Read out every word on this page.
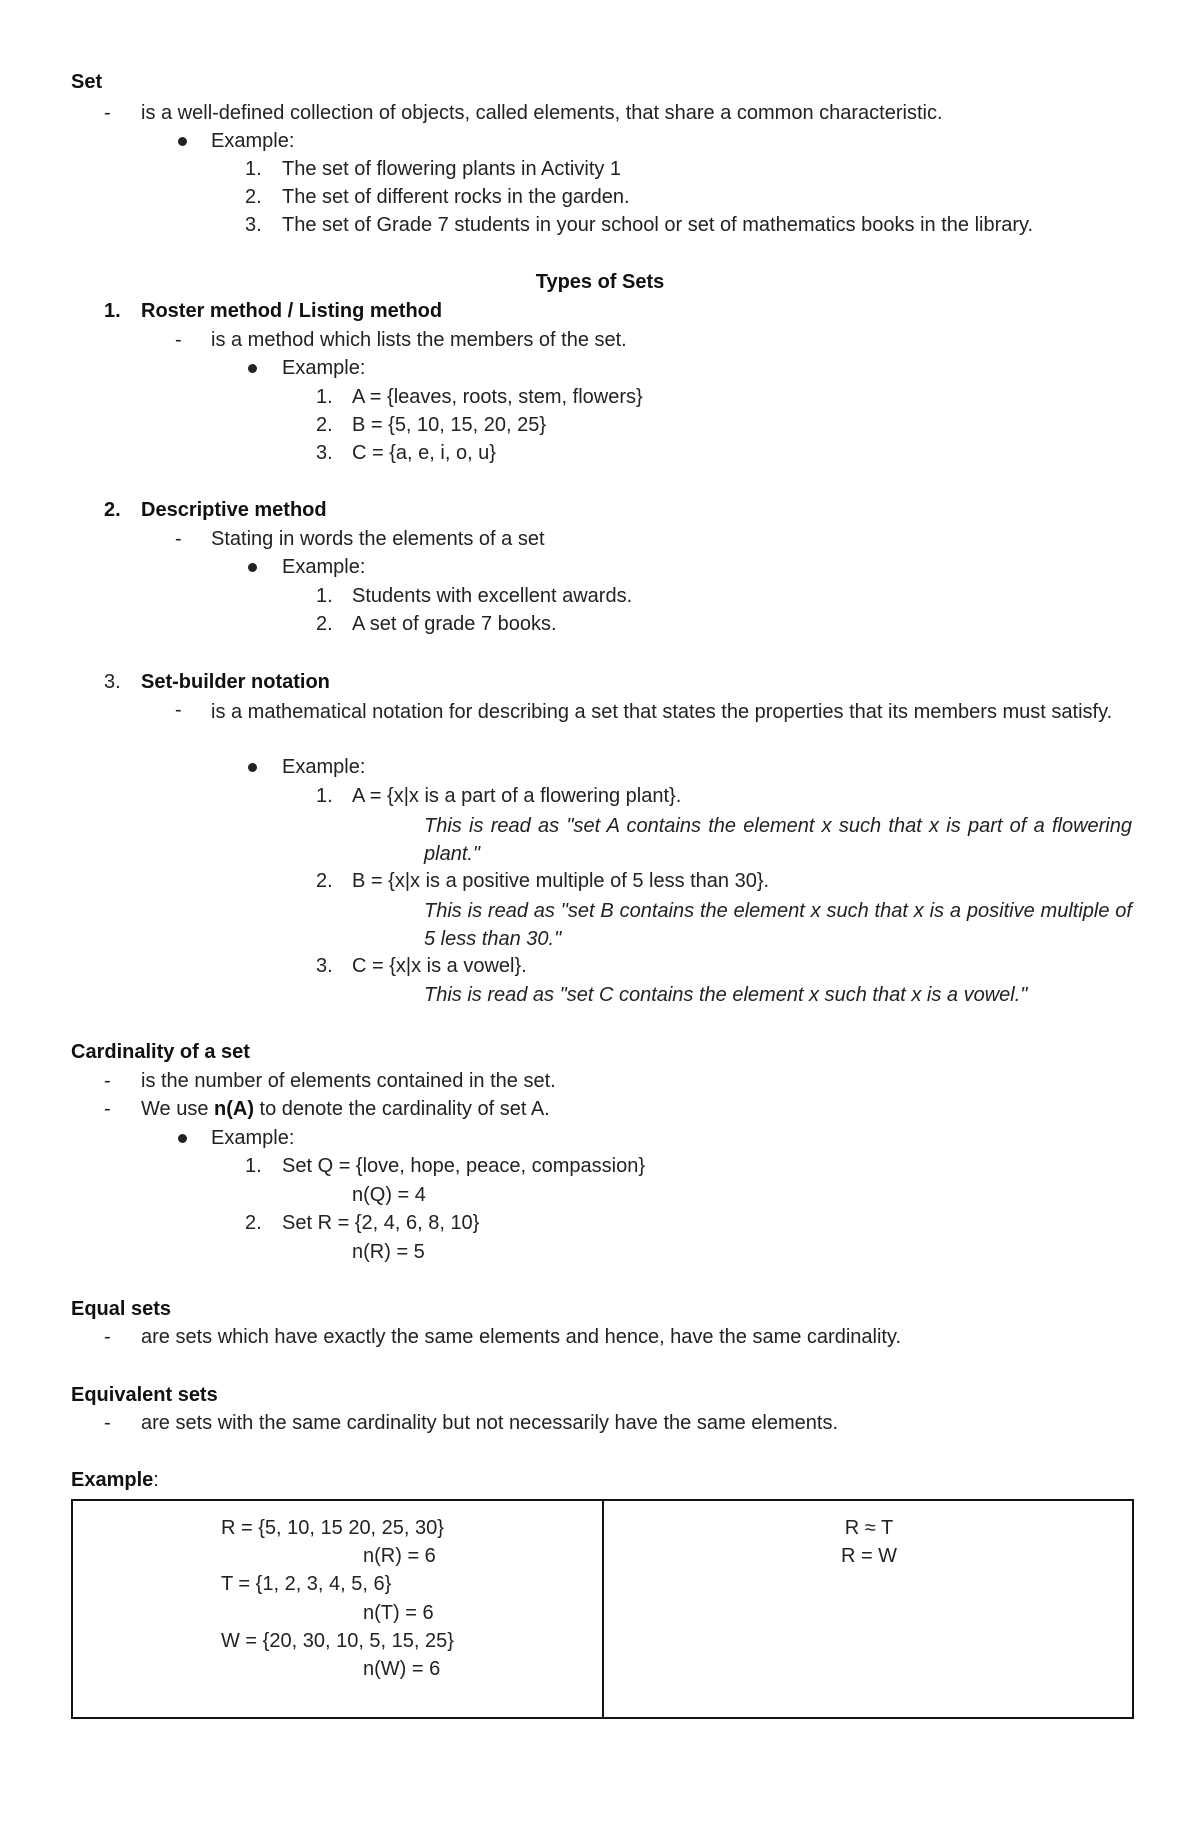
Set
- is a well-defined collection of objects, called elements, that share a common characteristic.
Example:
1. The set of flowering plants in Activity 1
2. The set of different rocks in the garden.
3. The set of Grade 7 students in your school or set of mathematics books in the library.
Types of Sets
1. Roster method / Listing method
- is a method which lists the members of the set.
Example:
1. A = {leaves, roots, stem, flowers}
2. B = {5, 10, 15, 20, 25}
3. C = {a, e, i, o, u}
2. Descriptive method
- Stating in words the elements of a set
Example:
1. Students with excellent awards.
2. A set of grade 7 books.
3. Set-builder notation
- is a mathematical notation for describing a set that states the properties that its members must satisfy.
Example:
1. A = {x|x is a part of a flowering plant}.
This is read as "set A contains the element x such that x is part of a flowering plant."
2. B = {x|x is a positive multiple of 5 less than 30}.
This is read as "set B contains the element x such that x is a positive multiple of 5 less than 30."
3. C = {x|x is a vowel}.
This is read as "set C contains the element x such that x is a vowel."
Cardinality of a set
- is the number of elements contained in the set.
- We use n(A) to denote the cardinality of set A.
Example:
1. Set Q = {love, hope, peace, compassion}
n(Q) = 4
2. Set R = {2, 4, 6, 8, 10}
n(R) = 5
Equal sets
- are sets which have exactly the same elements and hence, have the same cardinality.
Equivalent sets
- are sets with the same cardinality but not necessarily have the same elements.
Example:
R = {5, 10, 15 20, 25, 30}
n(R) = 6
T = {1, 2, 3, 4, 5, 6}
n(T) = 6
W = {20, 30, 10, 5, 15, 25}
n(W) = 6
R ≈ T
R = W
